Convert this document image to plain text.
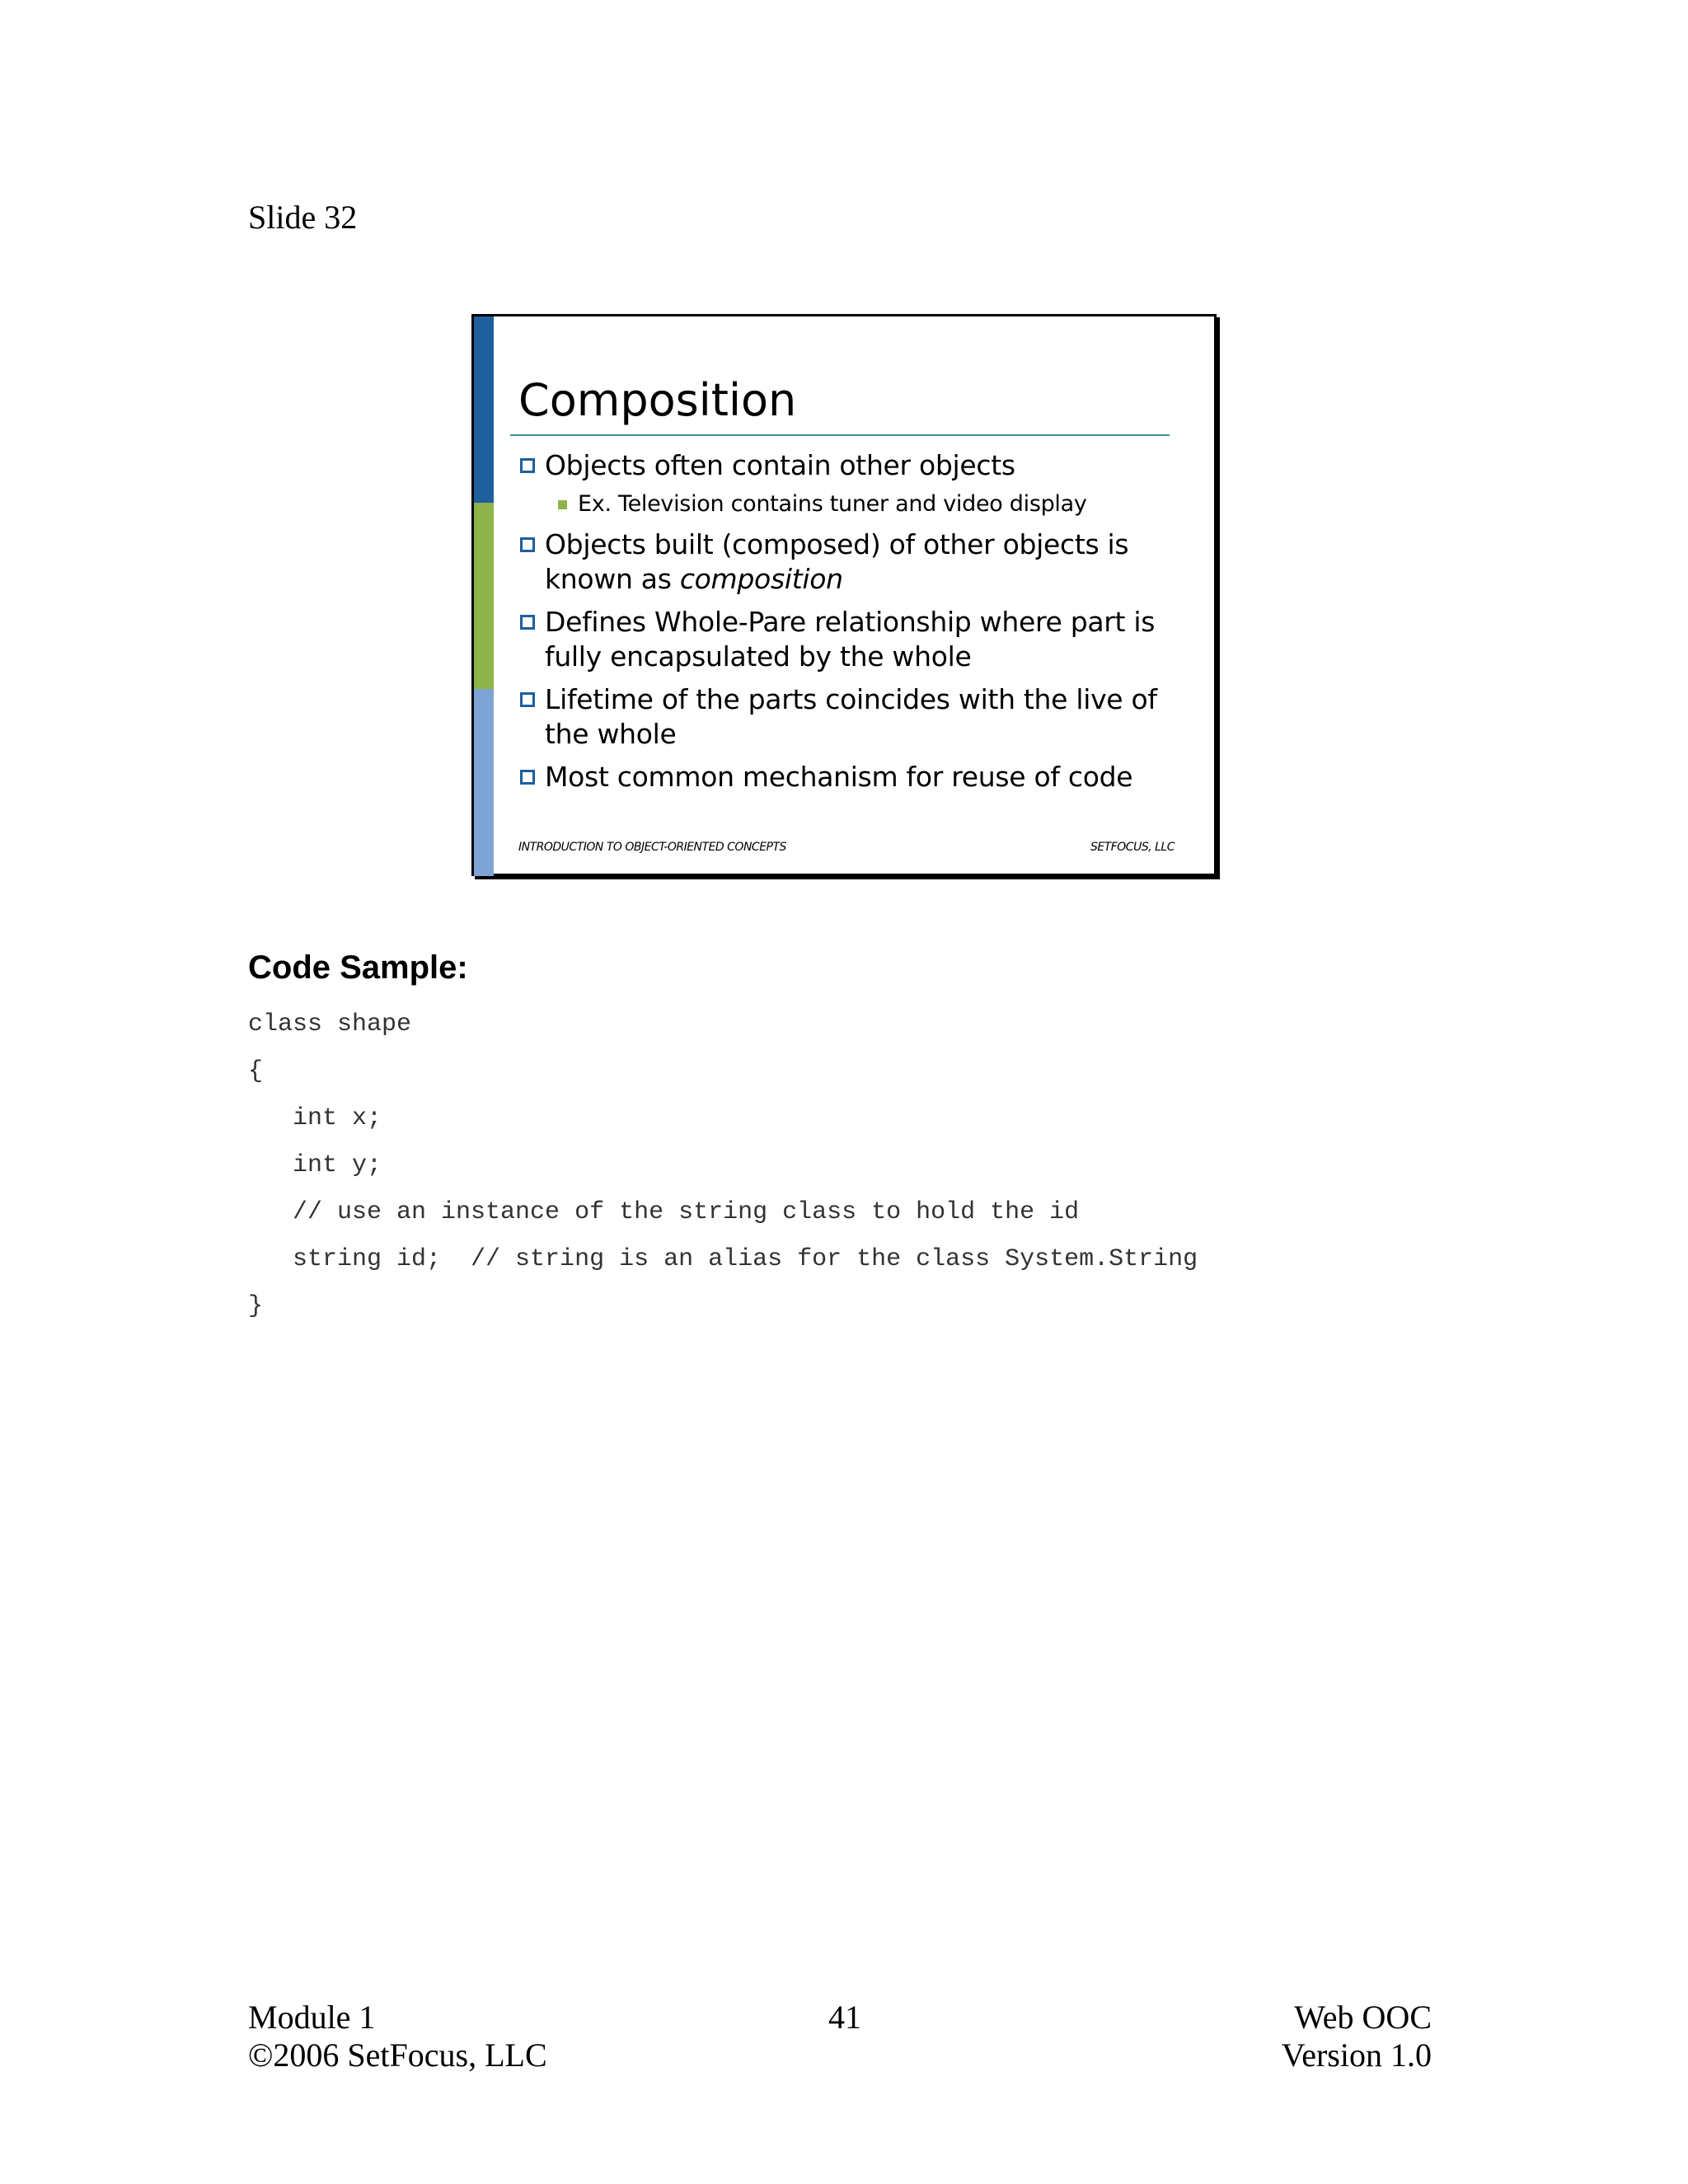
Slide 32
Composition
Objects often contain other objects
Ex. Television contains tuner and video display
Objects built (composed) of other objects is known as composition
Defines Whole-Pare relationship where part is fully encapsulated by the whole
Lifetime of the parts coincides with the live of the whole
Most common mechanism for reuse of code
INTRODUCTION TO OBJECT-ORIENTED CONCEPTS	SETFOCUS, LLC
Code Sample:
class shape
{
int x;
int y;
// use an instance of the string class to hold the id
string id;  // string is an alias for the class System.String
}
Module 1
©2006 SetFocus, LLC
41	Web OOC
Version 1.0
